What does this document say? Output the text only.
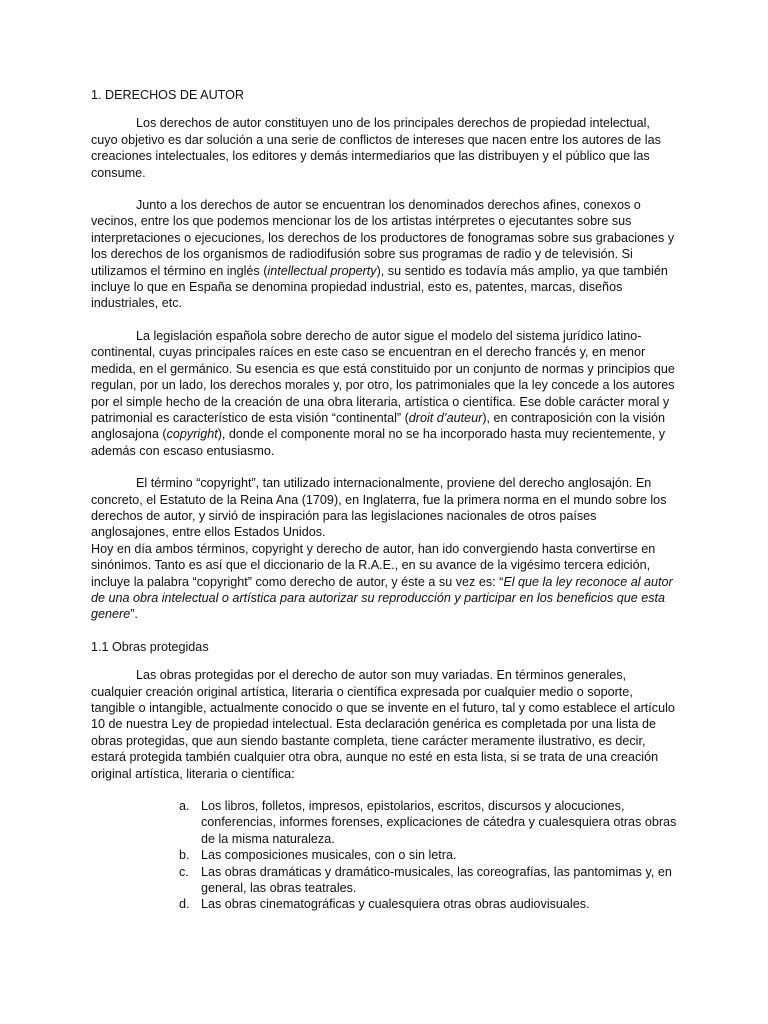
1. DERECHOS DE AUTOR

Los derechos de autor constituyen uno de los principales derechos de propiedad intelectual, cuyo objetivo es dar solución a una serie de conflictos de intereses que nacen entre los autores de las creaciones intelectuales, los editores y demás intermediarios que las distribuyen y el público que las consume.

Junto a los derechos de autor se encuentran los denominados derechos afines, conexos o vecinos, entre los que podemos mencionar los de los artistas intérpretes o ejecutantes sobre sus interpretaciones o ejecuciones, los derechos de los productores de fonogramas sobre sus grabaciones y los derechos de los organismos de radiodifusión sobre sus programas de radio y de televisión. Si utilizamos el término en inglés (intellectual property), su sentido es todavía más amplio, ya que también incluye lo que en España se denomina propiedad industrial, esto es, patentes, marcas, diseños industriales, etc.

La legislación española sobre derecho de autor sigue el modelo del sistema jurídico latino-continental, cuyas principales raíces en este caso se encuentran en el derecho francés y, en menor medida, en el germánico. Su esencia es que está constituido por un conjunto de normas y principios que regulan, por un lado, los derechos morales y, por otro, los patrimoniales que la ley concede a los autores por el simple hecho de la creación de una obra literaria, artística o científica. Ese doble carácter moral y patrimonial es característico de esta visión “continental” (droit d’auteur), en contraposición con la visión anglosajona (copyright), donde el componente moral no se ha incorporado hasta muy recientemente, y además con escaso entusiasmo.

El término “copyright”, tan utilizado internacionalmente, proviene del derecho anglosajón. En concreto, el Estatuto de la Reina Ana (1709), en Inglaterra, fue la primera norma en el mundo sobre los derechos de autor, y sirvió de inspiración para las legislaciones nacionales de otros países anglosajones, entre ellos Estados Unidos.

Hoy en día ambos términos, copyright y derecho de autor, han ido convergiendo hasta convertirse en sinónimos. Tanto es así que el diccionario de la R.A.E., en su avance de la vigésimo tercera edición, incluye la palabra “copyright” como derecho de autor, y éste a su vez es: “El que la ley reconoce al autor de una obra intelectual o artística para autorizar su reproducción y participar en los beneficios que esta genere”.

1.1 Obras protegidas

Las obras protegidas por el derecho de autor son muy variadas. En términos generales, cualquier creación original artística, literaria o científica expresada por cualquier medio o soporte, tangible o intangible, actualmente conocido o que se invente en el futuro, tal y como establece el artículo 10 de nuestra Ley de propiedad intelectual. Esta declaración genérica es completada por una lista de obras protegidas, que aun siendo bastante completa, tiene carácter meramente ilustrativo, es decir, estará protegida también cualquier otra obra, aunque no esté en esta lista, si se trata de una creación original artística, literaria o científica:

a. Los libros, folletos, impresos, epistolarios, escritos, discursos y alocuciones, conferencias, informes forenses, explicaciones de cátedra y cualesquiera otras obras de la misma naturaleza.
b. Las composiciones musicales, con o sin letra.
c. Las obras dramáticas y dramático-musicales, las coreografías, las pantomimas y, en general, las obras teatrales.
d. Las obras cinematográficas y cualesquiera otras obras audiovisuales.
